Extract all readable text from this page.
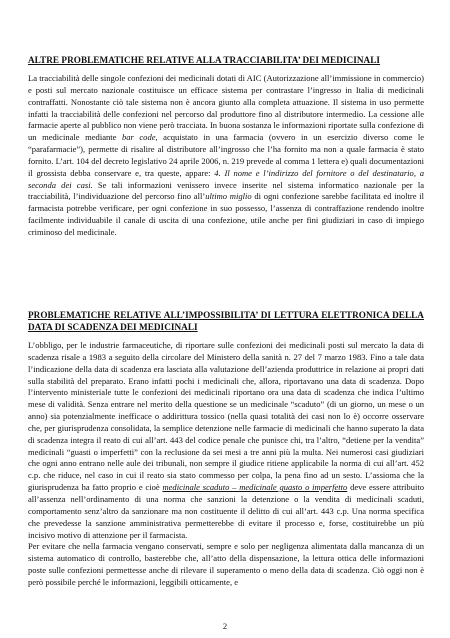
ALTRE PROBLEMATICHE RELATIVE ALLA TRACCIABILITA’ DEI MEDICINALI
La tracciabilità delle singole confezioni dei medicinali dotati di AIC (Autorizzazione all’immissione in commercio) e posti sul mercato nazionale costituisce un efficace sistema per contrastare l’ingresso in Italia di medicinali contraffatti. Nonostante ciò tale sistema non è ancora giunto alla completa attuazione. Il sistema in uso permette infatti la tracciabilità delle confezioni nel percorso dal produttore fino al distributore intermedio. La cessione alle farmacie aperte al pubblico non viene però tracciata. In buona sostanza le informazioni riportate sulla confezione di un medicinale mediante bar code, acquistato in una farmacia (ovvero in un esercizio diverso come le “parafarmacie”), permette di risalire al distributore all’ingrosso che l’ha fornito ma non a quale farmacia è stato fornito. L’art. 104 del decreto legislativo 24 aprile 2006, n. 219 prevede al comma 1 lettera e) quali documentazioni il grossista debba conservare e, tra queste, appare: 4. Il nome e l’indirizzo del fornitore o del destinatario, a seconda dei casi. Se tali informazioni venissero invece inserite nel sistema informatico nazionale per la tracciabilità, l’individuazione del percorso fino all’ultimo miglio di ogni confezione sarebbe facilitata ed inoltre il farmacista potrebbe verificare, per ogni confezione in suo possesso, l’assenza di contraffazione rendendo inoltre facilmente individuabile il canale di uscita di una confezione, utile anche per fini giudiziari in caso di impiego criminoso del medicinale.
PROBLEMATICHE RELATIVE ALL’IMPOSSIBILITA’ DI LETTURA ELETTRONICA DELLA DATA DI SCADENZA DEI MEDICINALI
L’obbligo, per le industrie farmaceutiche, di riportare sulle confezioni dei medicinali posti sul mercato la data di scadenza risale a 1983 a seguito della circolare del Ministero della sanità n. 27 del 7 marzo 1983. Fino a tale data l’indicazione della data di scadenza era lasciata alla valutazione dell’azienda produttrice in relazione ai propri dati sulla stabilità del preparato. Erano infatti pochi i medicinali che, allora, riportavano una data di scadenza. Dopo l’intervento ministeriale tutte le confezioni dei medicinali riportano ora una data di scadenza che indica l’ultimo mese di validità. Senza entrare nel merito della questione se un medicinale “scaduto” (di un giorno, un mese o un anno) sia potenzialmente inefficace o addirittura tossico (nella quasi totalità dei casi non lo è) occorre osservare che, per giurisprudenza consolidata, la semplice detenzione nelle farmacie di medicinali che hanno superato la data di scadenza integra il reato di cui all’art. 443 del codice penale che punisce chi, tra l’altro, “detiene per la vendita” medicinali “guasti o imperfetti” con la reclusione da sei mesi a tre anni più la multa. Nei numerosi casi giudiziari che ogni anno entrano nelle aule dei tribunali, non sempre il giudice ritiene applicabile la norma di cui all’art. 452 c.p. che riduce, nel caso in cui il reato sia stato commesso per colpa, la pena fino ad un sesto. L’assioma che la giurisprudenza ha fatto proprio e cioè medicinale scaduto – medicinale guasto o imperfetto deve essere attribuito all’assenza nell’ordinamento di una norma che sanzioni la detenzione o la vendita di medicinali scaduti, comportamento senz’altro da sanzionare ma non costituente il delitto di cui all’art. 443 c.p. Una norma specifica che prevedesse la sanzione amministrativa permetterebbe di evitare il processo e, forse, costituirebbe un più incisivo motivo di attenzione per il farmacista.
Per evitare che nella farmacia vengano conservati, sempre e solo per negligenza alimentata dalla mancanza di un sistema automatico di controllo, basterebbe che, all’atto della dispensazione, la lettura ottica delle informazioni poste sulle confezioni permettesse anche di rilevare il superamento o meno della data di scadenza. Ciò oggi non è però possibile perché le informazioni, leggibili otticamente, e
2
